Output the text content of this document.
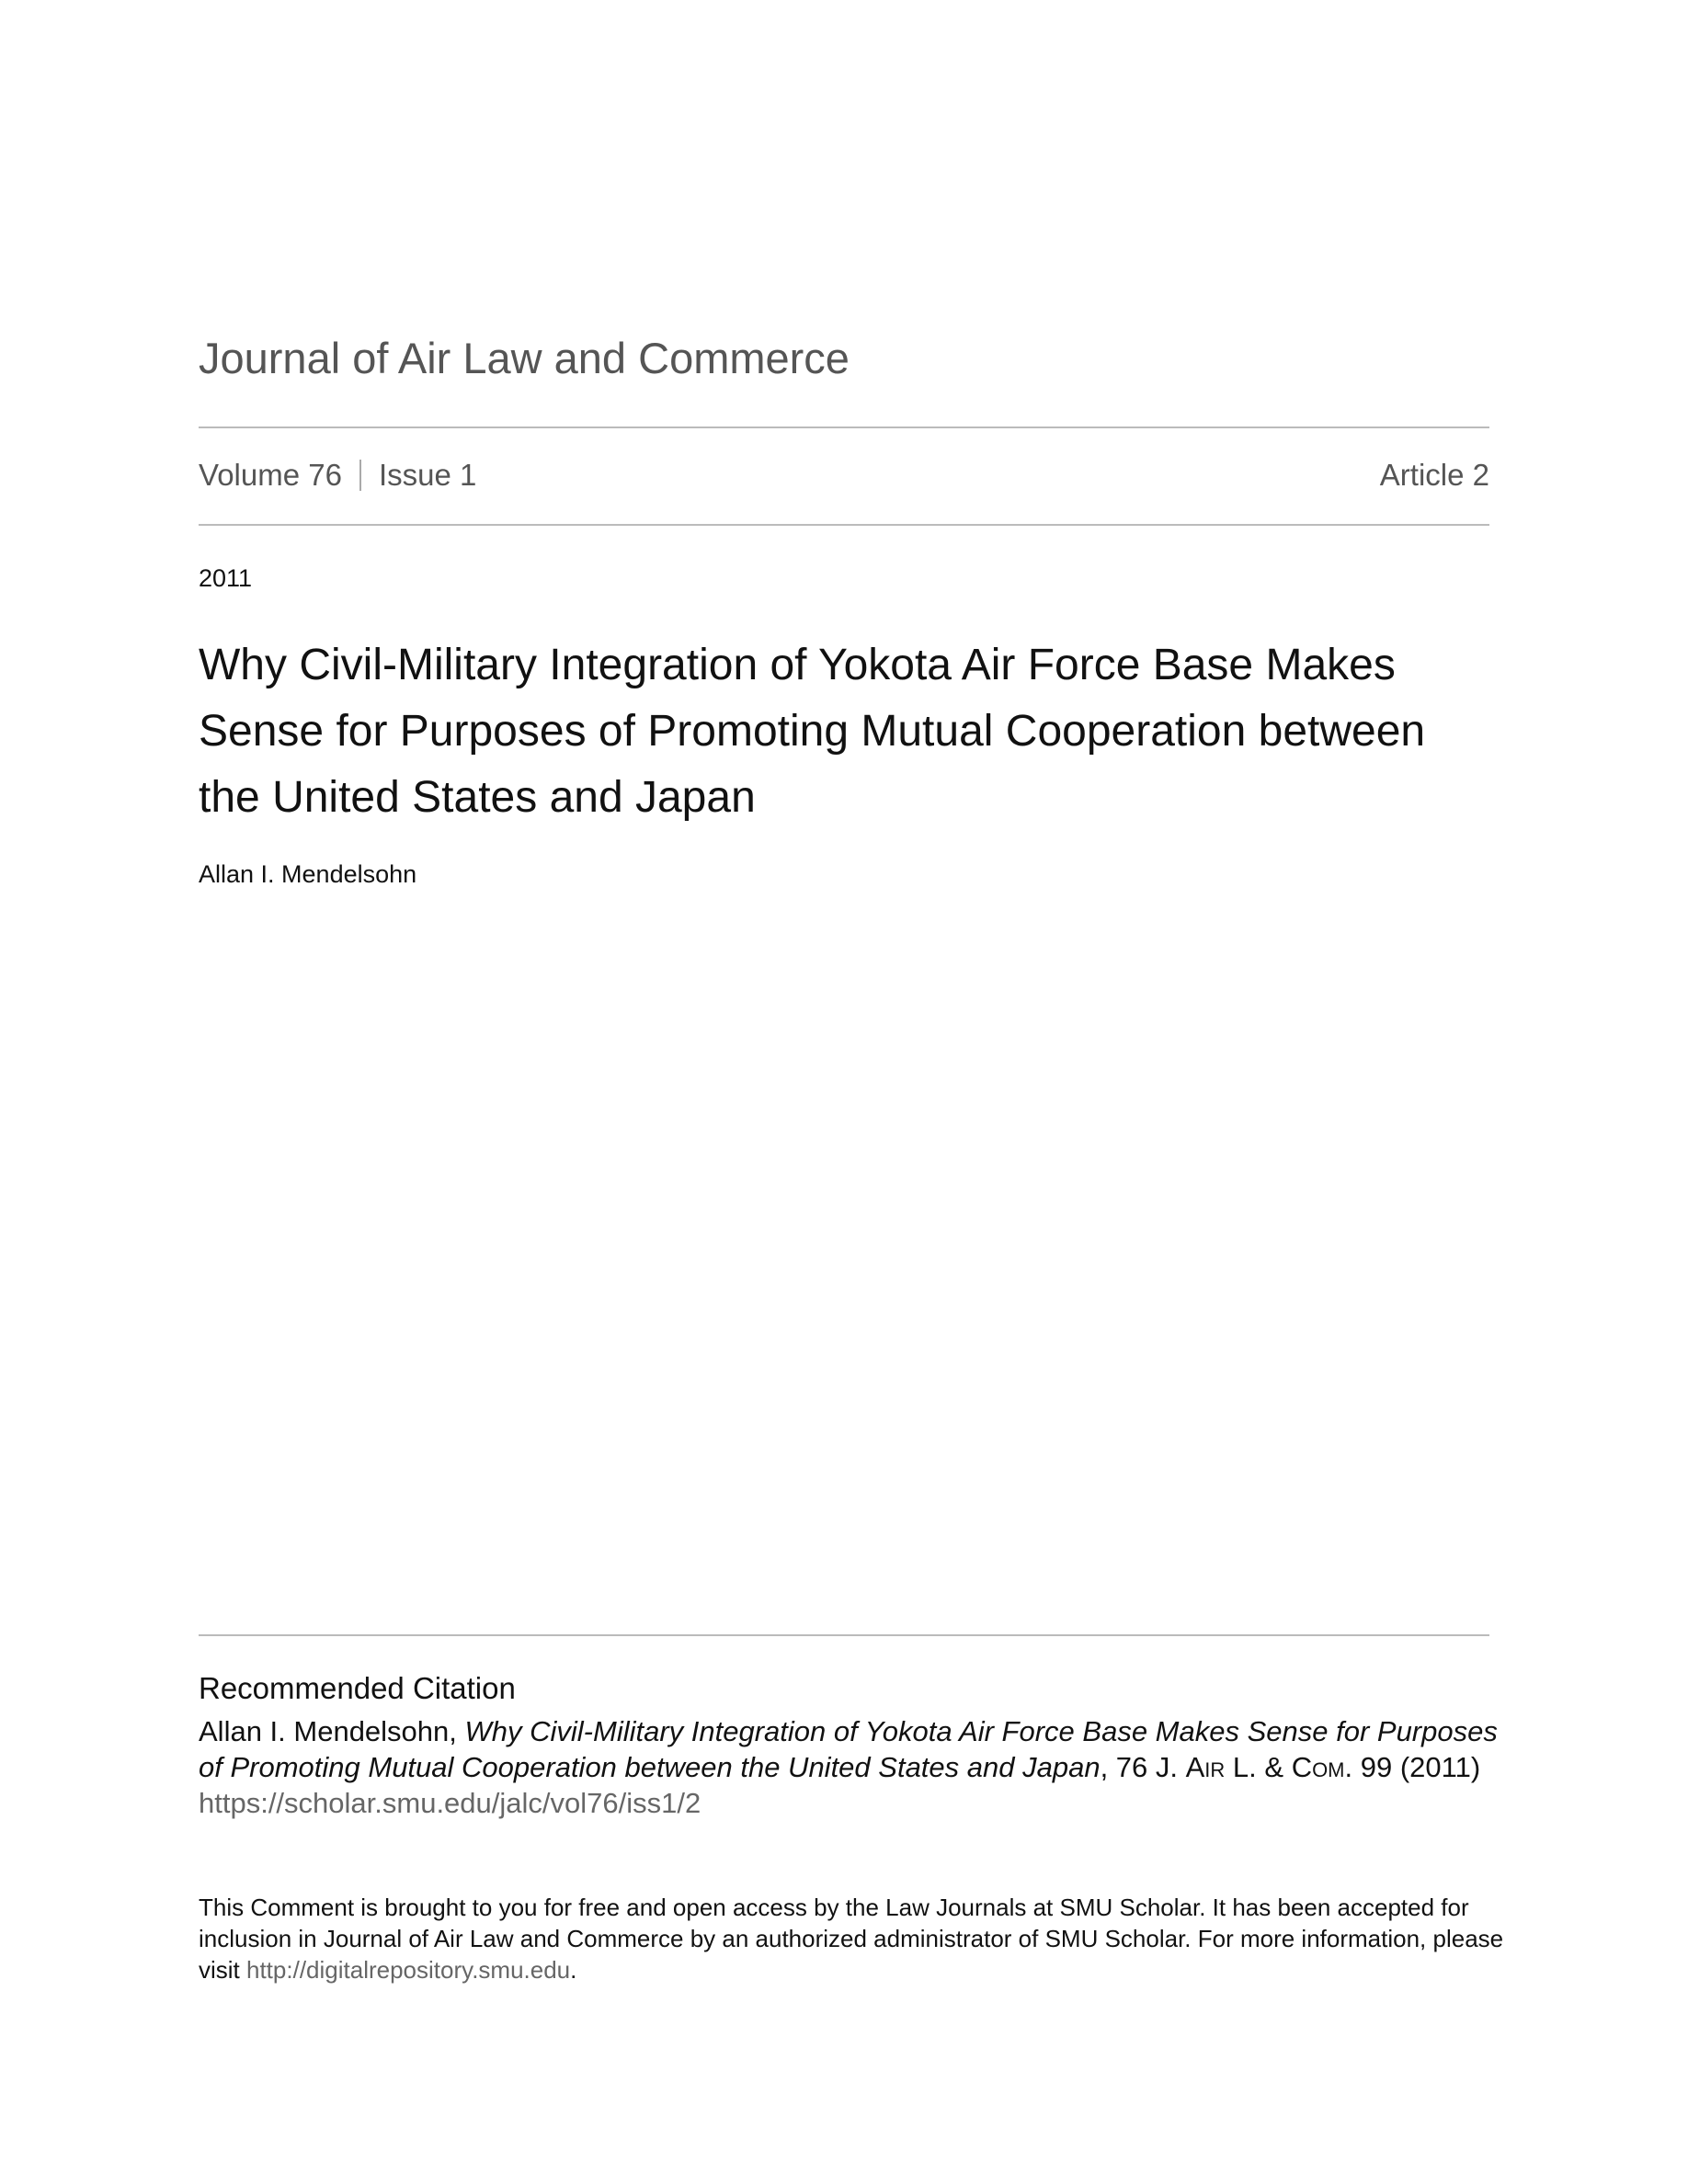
Journal of Air Law and Commerce
Volume 76 Issue 1	Article 2
2011
Why Civil-Military Integration of Yokota Air Force Base Makes Sense for Purposes of Promoting Mutual Cooperation between the United States and Japan
Allan I. Mendelsohn
Recommended Citation
Allan I. Mendelsohn, Why Civil-Military Integration of Yokota Air Force Base Makes Sense for Purposes of Promoting Mutual Cooperation between the United States and Japan, 76 J. Air L. & Com. 99 (2011)
https://scholar.smu.edu/jalc/vol76/iss1/2
This Comment is brought to you for free and open access by the Law Journals at SMU Scholar. It has been accepted for inclusion in Journal of Air Law and Commerce by an authorized administrator of SMU Scholar. For more information, please visit http://digitalrepository.smu.edu.
